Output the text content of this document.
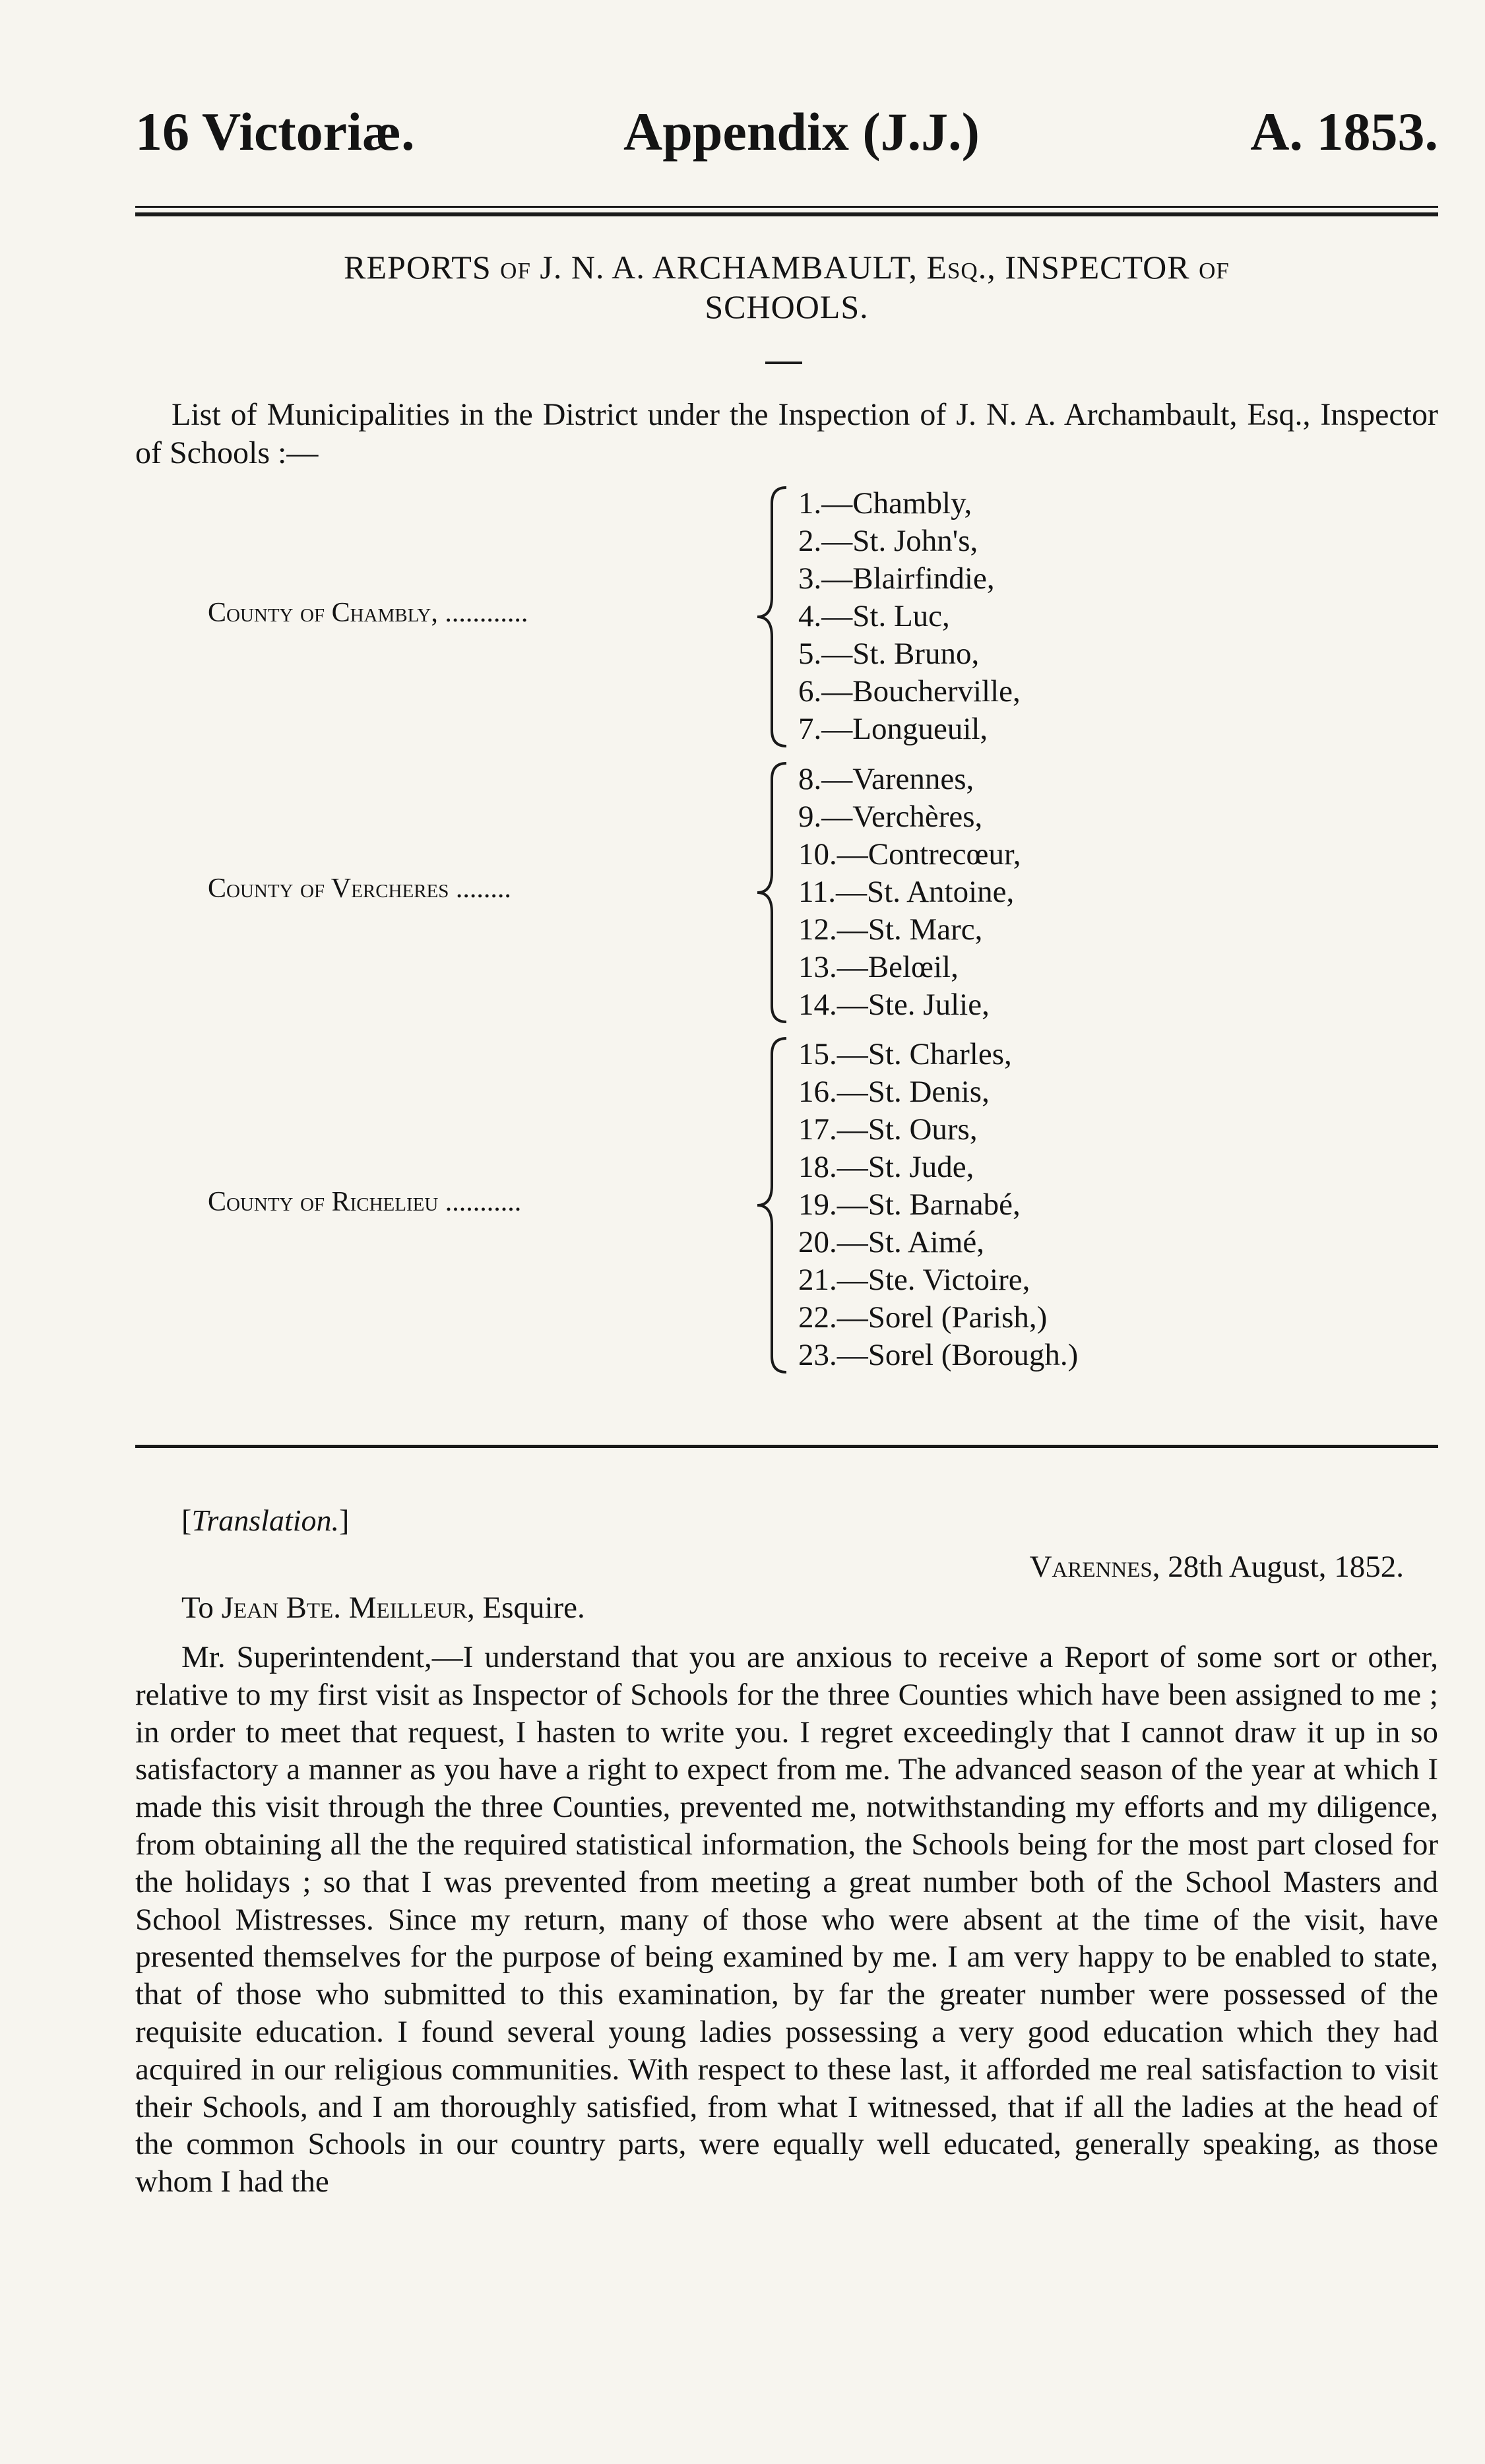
16 Victoriæ.	Appendix (J.J.)	A. 1853.
REPORTS of J. N. A. ARCHAMBAULT, Esq., INSPECTOR of
SCHOOLS.

List of Municipalities in the District under the Inspection of J. N. A. Archambault, Esq., Inspector of Schools :—

County of Chambly, ............
1.—Chambly,
2.—St. John's,
3.—Blairfindie,
4.—St. Luc,
5.—St. Bruno,
6.—Boucherville,
7.—Longueuil,
County of Vercheres ........
8.—Varennes,
9.—Verchères,
10.—Contrecœur,
11.—St. Antoine,
12.—St. Marc,
13.—Belœil,
14.—Ste. Julie,
County of Richelieu ...........
15.—St. Charles,
16.—St. Denis,
17.—St. Ours,
18.—St. Jude,
19.—St. Barnabé,
20.—St. Aimé,
21.—Ste. Victoire,
22.—Sorel (Parish,)
23.—Sorel (Borough.)
[Translation.]
Varennes, 28th August, 1852.
To Jean Bte. Meilleur, Esquire.

Mr. Superintendent,—I understand that you are anxious to receive a Report of some sort or other, relative to my first visit as Inspector of Schools for the three Counties which have been assigned to me ; in order to meet that request, I hasten to write you. I regret exceedingly that I cannot draw it up in so satisfactory a manner as you have a right to expect from me. The advanced season of the year at which I made this visit through the three Counties, prevented me, notwithstanding my efforts and my diligence, from obtaining all the the required statistical information, the Schools being for the most part closed for the holidays ; so that I was prevented from meeting a great number both of the School Masters and School Mistresses. Since my return, many of those who were absent at the time of the visit, have presented themselves for the purpose of being examined by me. I am very happy to be enabled to state, that of those who submitted to this examination, by far the greater number were possessed of the requisite education. I found several young ladies possessing a very good education which they had acquired in our religious communities. With respect to these last, it afforded me real satisfaction to visit their Schools, and I am thoroughly satisfied, from what I witnessed, that if all the ladies at the head of the common Schools in our country parts, were equally well educated, generally speaking, as those whom I had the
